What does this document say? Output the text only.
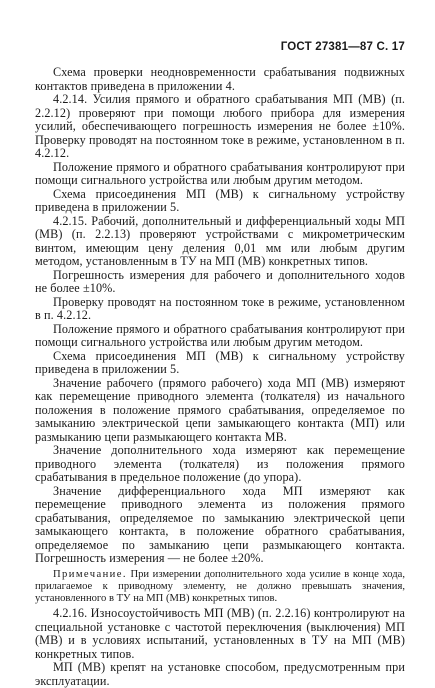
ГОСТ 27381—87 С. 17

Схема проверки неодновременности срабатывания подвижных контактов приведена в приложении 4.

4.2.14. Усилия прямого и обратного срабатывания МП (МВ) (п. 2.2.12) проверяют при помощи любого прибора для измерения усилий, обеспечивающего погрешность измерения не более ±10%. Проверку проводят на постоянном токе в режиме, установленном в п. 4.2.12.

Положение прямого и обратного срабатывания контролируют при помощи сигнального устройства или любым другим методом.

Схема присоединения МП (МВ) к сигнальному устройству приведена в приложении 5.

4.2.15. Рабочий, дополнительный и дифференциальный ходы МП (МВ) (п. 2.2.13) проверяют устройствами с микрометрическим винтом, имеющим цену деления 0,01 мм или любым другим методом, установленным в ТУ на МП (МВ) конкретных типов.

Погрешность измерения для рабочего и дополнительного ходов не более ±10%.

Проверку проводят на постоянном токе в режиме, установленном в п. 4.2.12.

Положение прямого и обратного срабатывания контролируют при помощи сигнального устройства или любым другим методом.

Схема присоединения МП (МВ) к сигнальному устройству приведена в приложении 5.

Значение рабочего (прямого рабочего) хода МП (МВ) измеряют как перемещение приводного элемента (толкателя) из начального положения в положение прямого срабатывания, определяемое по замыканию электрической цепи замыкающего контакта (МП) или размыканию цепи размыкающего контакта МВ.

Значение дополнительного хода измеряют как перемещение приводного элемента (толкателя) из положения прямого срабатывания в предельное положение (до упора).

Значение дифференциального хода МП измеряют как перемещение приводного элемента из положения прямого срабатывания, определяемое по замыканию электрической цепи замыкающего контакта, в положение обратного срабатывания, определяемое по замыканию цепи размыкающего контакта. Погрешность измерения — не более ±20%.

Примечание. При измерении дополнительного хода усилие в конце хода, прилагаемое к приводному элементу, не должно превышать значения, установленного в ТУ на МП (МВ) конкретных типов.

4.2.16. Износоустойчивость МП (МВ) (п. 2.2.16) контролируют на специальной установке с частотой переключения (выключения) МП (МВ) и в условиях испытаний, установленных в ТУ на МП (МВ) конкретных типов.

МП (МВ) крепят на установке способом, предусмотренным при эксплуатации.
